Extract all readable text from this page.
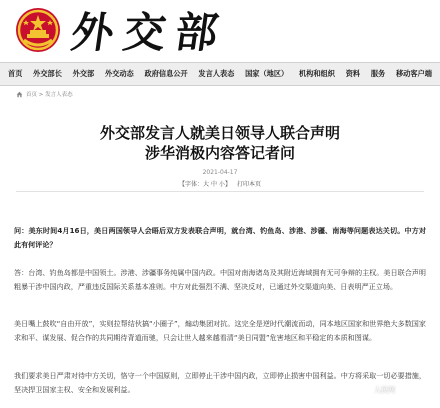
外交部
首页 外交部长 外交部 外交动态 政府信息公开 发言人表态 国家（地区） 机构和组织 资料 服务 移动客户端
首页 > 发言人表态
外交部发言人就美日领导人联合声明
涉华消极内容答记者问
2021-04-17
【字体：大 中 小】 打印本页

问：美东时间4月16日，美日两国领导人会晤后双方发表联合声明，就台湾、钓鱼岛、涉港、涉疆、南海等问题表达关切。中方对此有何评论？

答：台湾、钓鱼岛都是中国领土。涉港、涉疆事务纯属中国内政。中国对南海诸岛及其附近海域拥有无可争辩的主权。美日联合声明粗暴干涉中国内政，严重违反国际关系基本准则。中方对此强烈不满、坚决反对，已通过外交渠道向美、日表明严正立场。

美日嘴上鼓吹“自由开放”，实则拉帮结伙搞“小圈子”，煽动集团对抗。这完全是逆时代潮流而动，同本地区国家和世界绝大多数国家求和平、谋发展、促合作的共同期待背道而驰，只会让世人越来越看清“美日同盟”危害地区和平稳定的本质和图谋。

我们要求美日严肃对待中方关切，恪守一个中国原则，立即停止干涉中国内政，立即停止损害中国利益。中方将采取一切必要措施，坚决捍卫国家主权、安全和发展利益。	人民网
